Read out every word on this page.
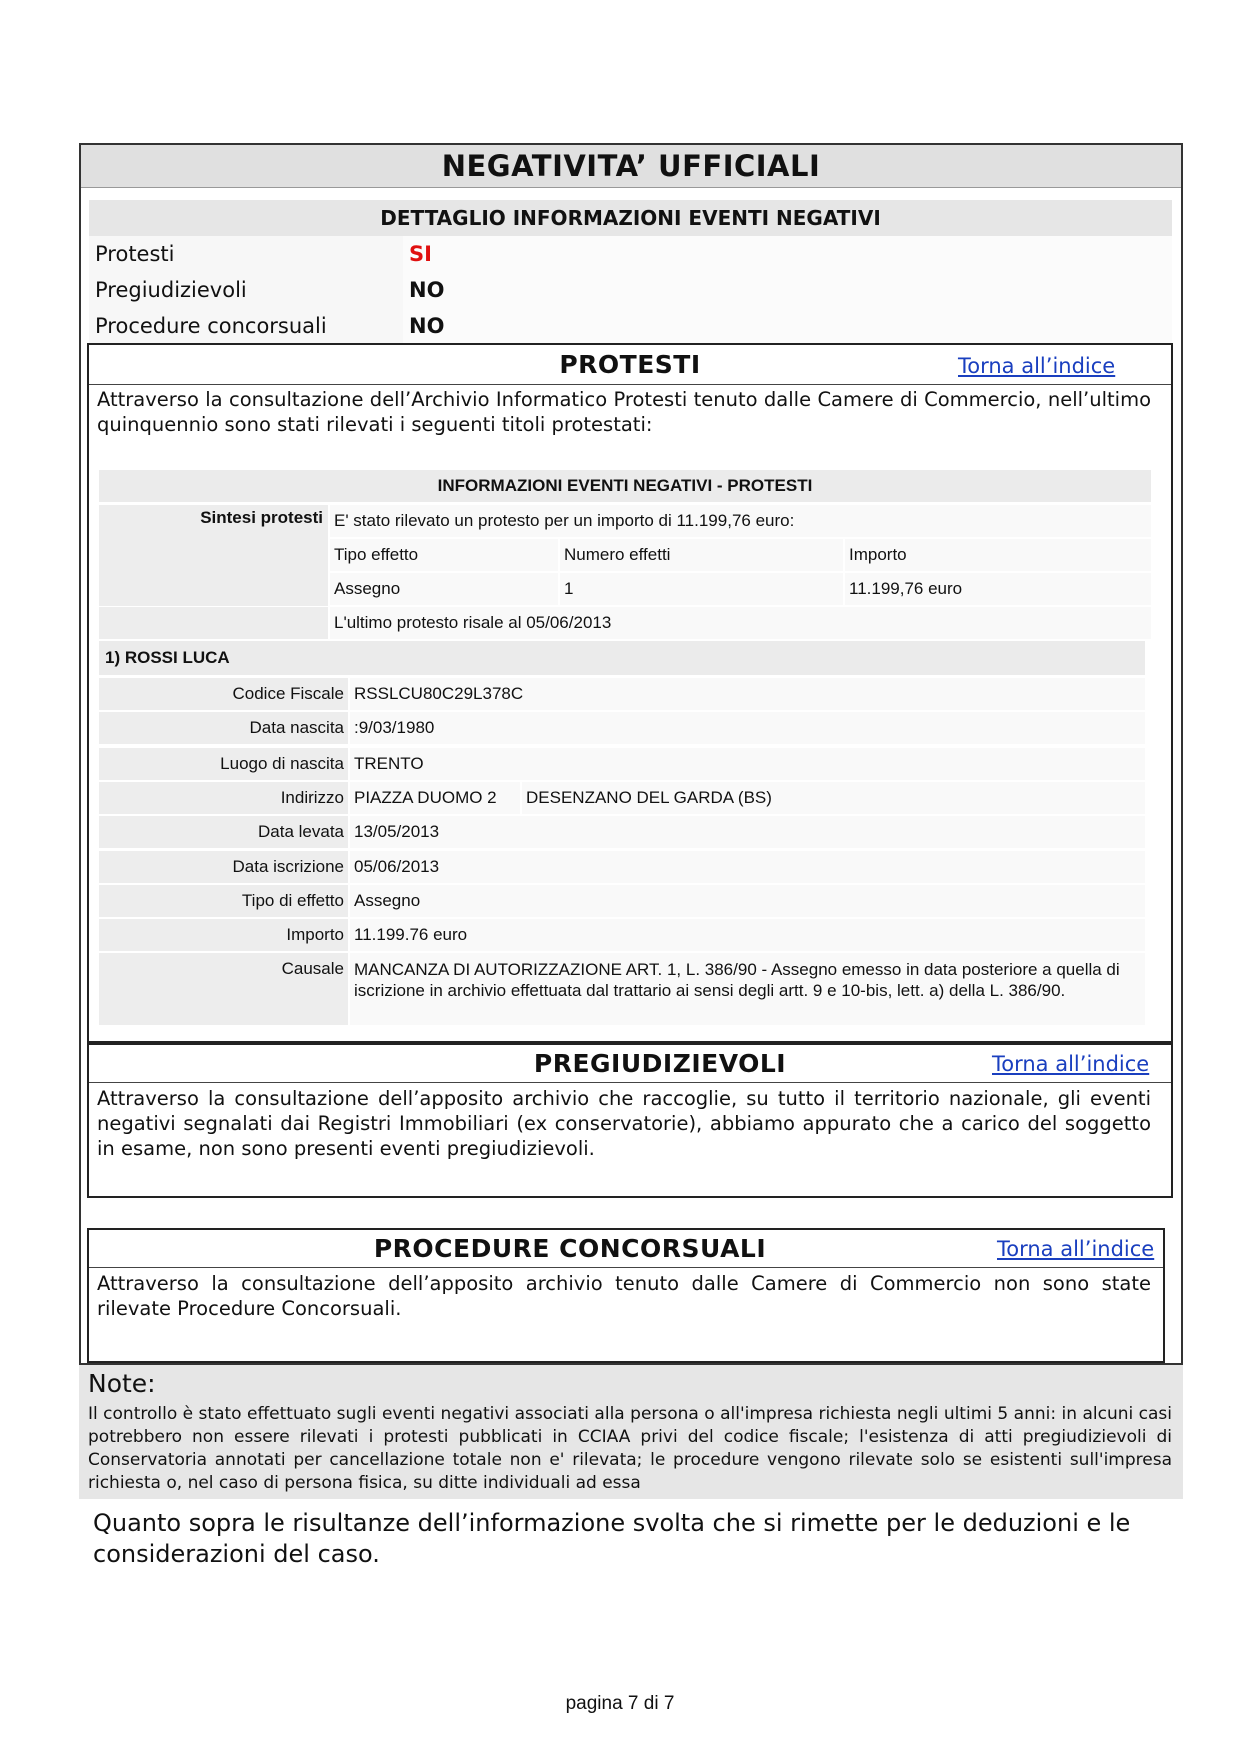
NEGATIVITA’ UFFICIALI
DETTAGLIO INFORMAZIONI EVENTI NEGATIVI
Protesti	SI
Pregiudizievoli	NO
Procedure concorsuali	NO
PROTESTI	Torna all’indice
Attraverso la consultazione dell’Archivio Informatico Protesti tenuto dalle Camere di Commercio, nell’ultimo quinquennio sono stati rilevati i seguenti titoli protestati:
INFORMAZIONI EVENTI NEGATIVI - PROTESTI
Sintesi protesti E' stato rilevato un protesto per un importo di 11.199,76 euro:
Tipo effetto	Numero effetti	Importo
Assegno	1	11.199,76 euro
L'ultimo protesto risale al 05/06/2013
1) ROSSI LUCA
Codice Fiscale RSSLCU80C29L378C
Data nascita :9/03/1980
Luogo di nascita TRENTO
Indirizzo PIAZZA DUOMO 2	DESENZANO DEL GARDA (BS)
Data levata 13/05/2013
Data iscrizione 05/06/2013
Tipo di effetto Assegno
Importo 11.199.76 euro
Causale MANCANZA DI AUTORIZZAZIONE ART. 1, L. 386/90 - Assegno emesso in data posteriore a quella di iscrizione in archivio effettuata dal trattario ai sensi degli artt. 9 e 10-bis, lett. a) della L. 386/90.
PREGIUDIZIEVOLI	Torna all’indice
Attraverso la consultazione dell’apposito archivio che raccoglie, su tutto il territorio nazionale, gli eventi negativi segnalati dai Registri Immobiliari (ex conservatorie), abbiamo appurato che a carico del soggetto in esame, non sono presenti eventi pregiudizievoli.
PROCEDURE CONCORSUALI	Torna all’indice
Attraverso la consultazione dell’apposito archivio tenuto dalle Camere di Commercio non sono state rilevate Procedure Concorsuali.
Note:
Il controllo è stato effettuato sugli eventi negativi associati alla persona o all'impresa richiesta negli ultimi 5 anni: in alcuni casi potrebbero non essere rilevati i protesti pubblicati in CCIAA privi del codice fiscale; l'esistenza di atti pregiudizievoli di Conservatoria annotati per cancellazione totale non e' rilevata; le procedure vengono rilevate solo se esistenti sull'impresa richiesta o, nel caso di persona fisica, su ditte individuali ad essa
Quanto sopra le risultanze dell’informazione svolta che si rimette per le deduzioni e le considerazioni del caso.
pagina 7 di 7
